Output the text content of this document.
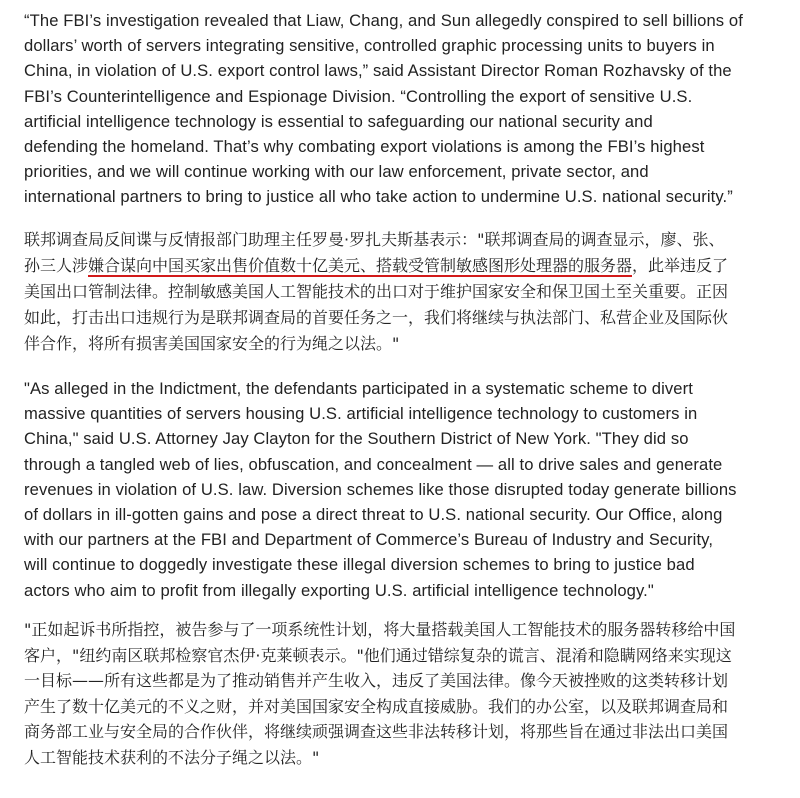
“The FBI’s investigation revealed that Liaw, Chang, and Sun allegedly conspired to sell billions of
dollars’ worth of servers integrating sensitive, controlled graphic processing units to buyers in
China, in violation of U.S. export control laws,” said Assistant Director Roman Rozhavsky of the
FBI’s Counterintelligence and Espionage Division. “Controlling the export of sensitive U.S.
artificial intelligence technology is essential to safeguarding our national security and
defending the homeland. That’s why combating export violations is among the FBI’s highest
priorities, and we will continue working with our law enforcement, private sector, and
international partners to bring to justice all who take action to undermine U.S. national security.”
联邦调查局反间谍与反情报部门助理主任罗曼·罗扎夫斯基表示："联邦调查局的调查显示，廖、张、
孙三人涉嫌合谋向中国买家出售价值数十亿美元、搭载受管制敏感图形处理器的服务器，此举违反了
美国出口管制法律。控制敏感美国人工智能技术的出口对于维护国家安全和保卫国土至关重要。正因
如此，打击出口违规行为是联邦调查局的首要任务之一，我们将继续与执法部门、私营企业及国际伙
伴合作，将所有损害美国国家安全的行为绳之以法。"
"As alleged in the Indictment, the defendants participated in a systematic scheme to divert
massive quantities of servers housing U.S. artificial intelligence technology to customers in
China," said U.S. Attorney Jay Clayton for the Southern District of New York. "They did so
through a tangled web of lies, obfuscation, and concealment — all to drive sales and generate
revenues in violation of U.S. law. Diversion schemes like those disrupted today generate billions
of dollars in ill-gotten gains and pose a direct threat to U.S. national security. Our Office, along
with our partners at the FBI and Department of Commerce’s Bureau of Industry and Security,
will continue to doggedly investigate these illegal diversion schemes to bring to justice bad
actors who aim to profit from illegally exporting U.S. artificial intelligence technology."
"正如起诉书所指控，被告参与了一项系统性计划，将大量搭载美国人工智能技术的服务器转移给中国
客户，"纽约南区联邦检察官杰伊·克莱顿表示。"他们通过错综复杂的谎言、混淆和隐瞒网络来实现这
一目标——所有这些都是为了推动销售并产生收入，违反了美国法律。像今天被挫败的这类转移计划
产生了数十亿美元的不义之财，并对美国国家安全构成直接威胁。我们的办公室，以及联邦调查局和
商务部工业与安全局的合作伙伴，将继续顽强调查这些非法转移计划，将那些旨在通过非法出口美国
人工智能技术获利的不法分子绳之以法。"
